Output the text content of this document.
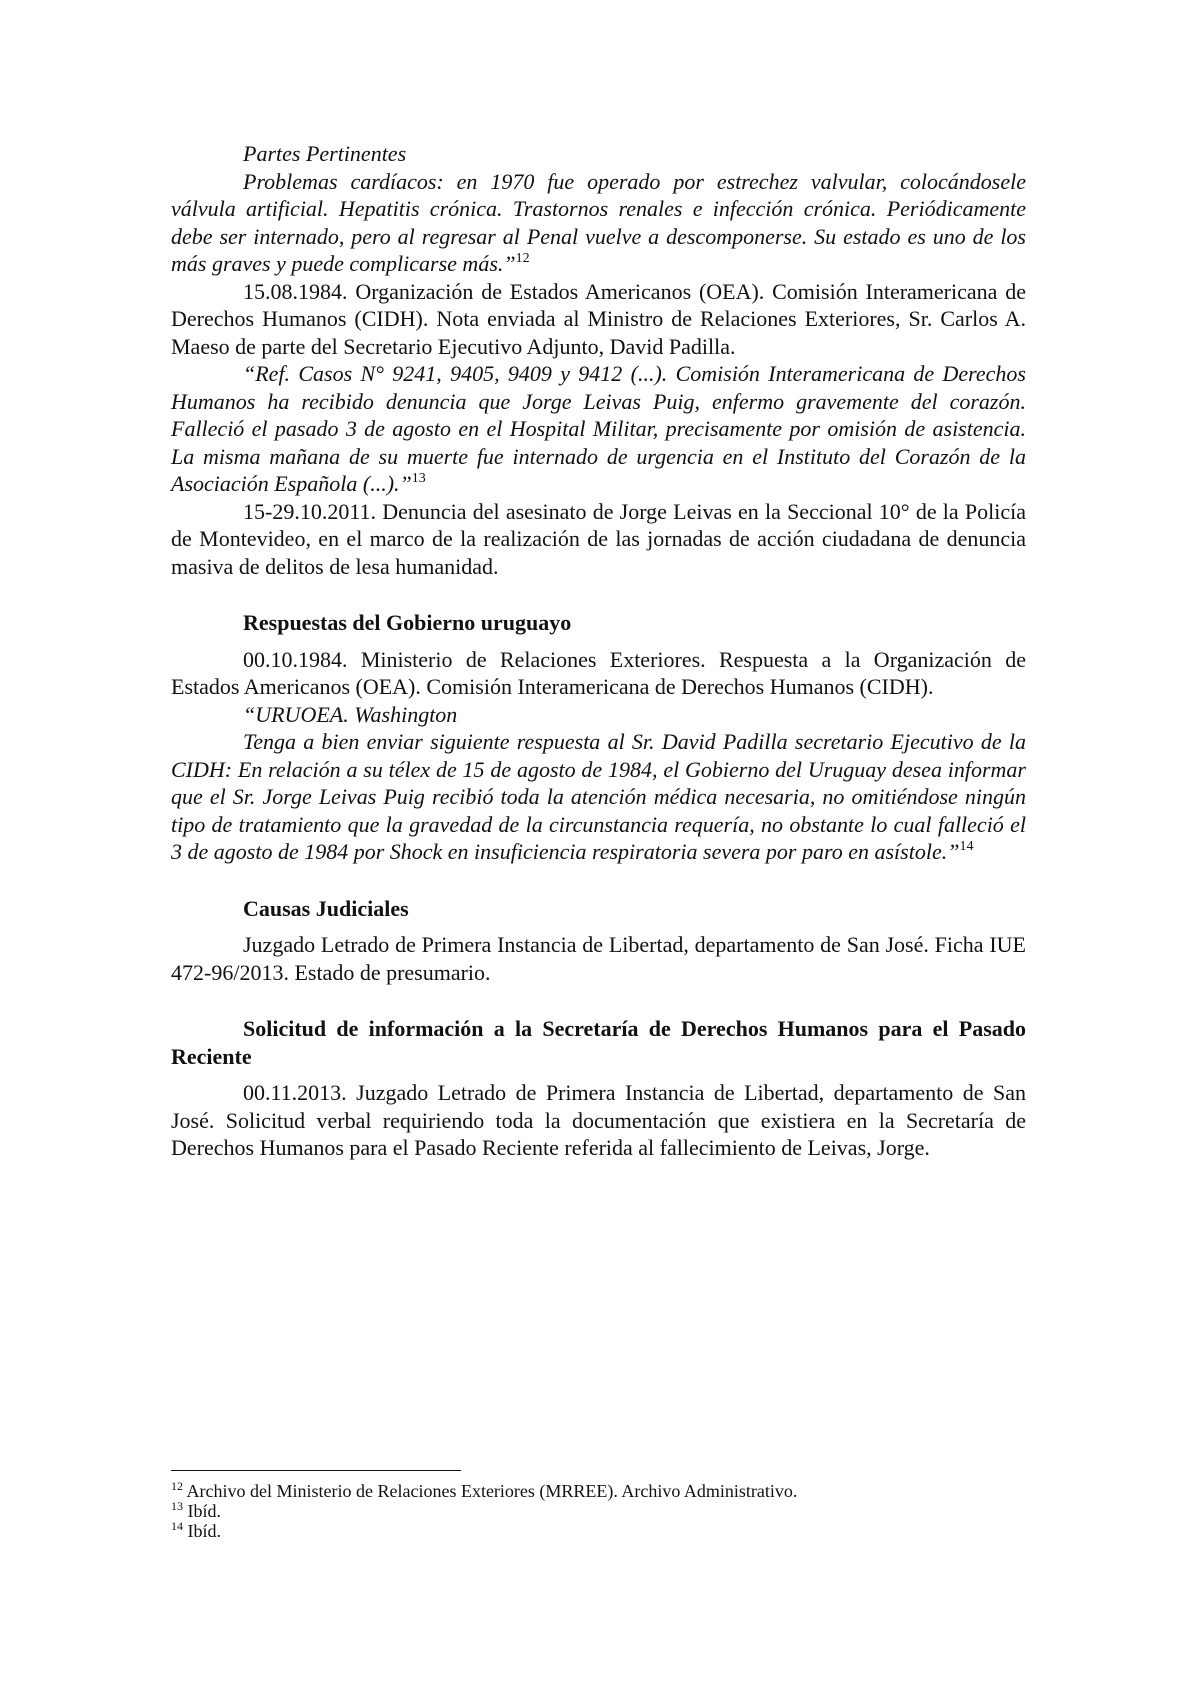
Partes Pertinentes

Problemas cardíacos: en 1970 fue operado por estrechez valvular, colocándosele válvula artificial. Hepatitis crónica. Trastornos renales e infección crónica. Periódicamente debe ser internado, pero al regresar al Penal vuelve a descomponerse. Su estado es uno de los más graves y puede complicarse más.”$^{12}$

15.08.1984. Organización de Estados Americanos (OEA). Comisión Interamericana de Derechos Humanos (CIDH). Nota enviada al Ministro de Relaciones Exteriores, Sr. Carlos A. Maeso de parte del Secretario Ejecutivo Adjunto, David Padilla.

“Ref. Casos N° 9241, 9405, 9409 y 9412 (...). Comisión Interamericana de Derechos Humanos ha recibido denuncia que Jorge Leivas Puig, enfermo gravemente del corazón. Falleció el pasado 3 de agosto en el Hospital Militar, precisamente por omisión de asistencia. La misma mañana de su muerte fue internado de urgencia en el Instituto del Corazón de la Asociación Española (...).”$^{13}$

15-29.10.2011. Denuncia del asesinato de Jorge Leivas en la Seccional 10° de la Policía de Montevideo, en el marco de la realización de las jornadas de acción ciudadana de denuncia masiva de delitos de lesa humanidad.

Respuestas del Gobierno uruguayo

00.10.1984. Ministerio de Relaciones Exteriores. Respuesta a la Organización de Estados Americanos (OEA). Comisión Interamericana de Derechos Humanos (CIDH).

“URUOEA. Washington

Tenga a bien enviar siguiente respuesta al Sr. David Padilla secretario Ejecutivo de la CIDH: En relación a su télex de 15 de agosto de 1984, el Gobierno del Uruguay desea informar que el Sr. Jorge Leivas Puig recibió toda la atención médica necesaria, no omitiéndose ningún tipo de tratamiento que la gravedad de la circunstancia requería, no obstante lo cual falleció el 3 de agosto de 1984 por Shock en insuficiencia respiratoria severa por paro en asístole.”$^{14}$

Causas Judiciales

Juzgado Letrado de Primera Instancia de Libertad, departamento de San José. Ficha IUE 472-96/2013. Estado de presumario.

Solicitud de información a la Secretaría de Derechos Humanos para el Pasado Reciente

00.11.2013. Juzgado Letrado de Primera Instancia de Libertad, departamento de San José. Solicitud verbal requiriendo toda la documentación que existiera en la Secretaría de Derechos Humanos para el Pasado Reciente referida al fallecimiento de Leivas, Jorge.

$^{12}$ Archivo del Ministerio de Relaciones Exteriores (MRREE). Archivo Administrativo.
$^{13}$ Ibíd.
$^{14}$ Ibíd.
